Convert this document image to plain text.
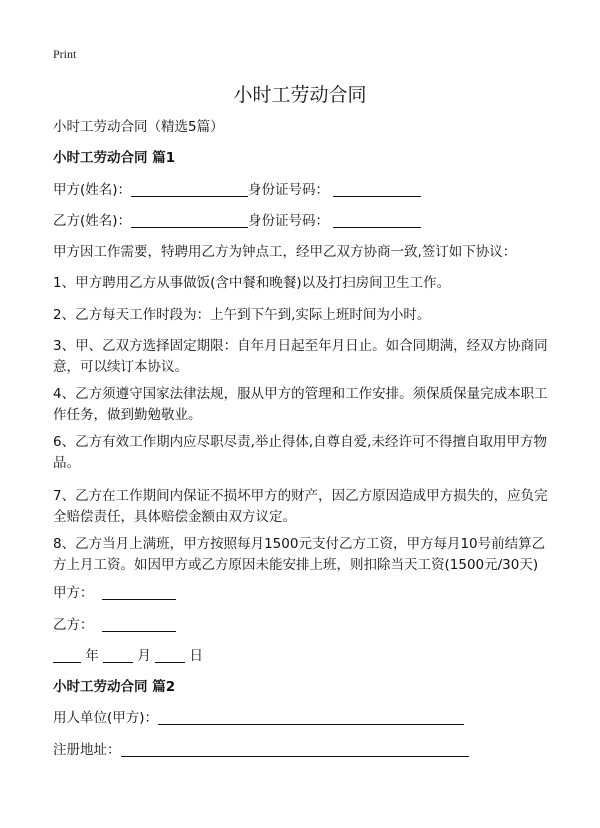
Print
小时工劳动合同
小时工劳动合同（精选5篇）
小时工劳动合同 篇1
甲方(姓名)：	身份证号码：
乙方(姓名)：	身份证号码：
甲方因工作需要，特聘用乙方为钟点工，经甲乙双方协商一致,签订如下协议：
1、甲方聘用乙方从事做饭(含中餐和晚餐)以及打扫房间卫生工作。
2、乙方每天工作时段为：上午到下午到,实际上班时间为小时。
3、甲、乙双方选择固定期限：自年月日起至年月日止。如合同期满，经双方协商同意，可以续订本协议。
4、乙方须遵守国家法律法规，服从甲方的管理和工作安排。须保质保量完成本职工作任务，做到勤勉敬业。
6、乙方有效工作期内应尽职尽责,举止得体,自尊自爱,未经许可不得擅自取用甲方物品。
7、乙方在工作期间内保证不损坏甲方的财产，因乙方原因造成甲方损失的，应负完全赔偿责任，具体赔偿金额由双方议定。
8、乙方当月上满班，甲方按照每月1500元支付乙方工资，甲方每月10号前结算乙方上月工资。如因甲方或乙方原因未能安排上班，则扣除当天工资(1500元/30天)
甲方：
乙方：
年	月	日
小时工劳动合同 篇2
用人单位(甲方)：
注册地址：
